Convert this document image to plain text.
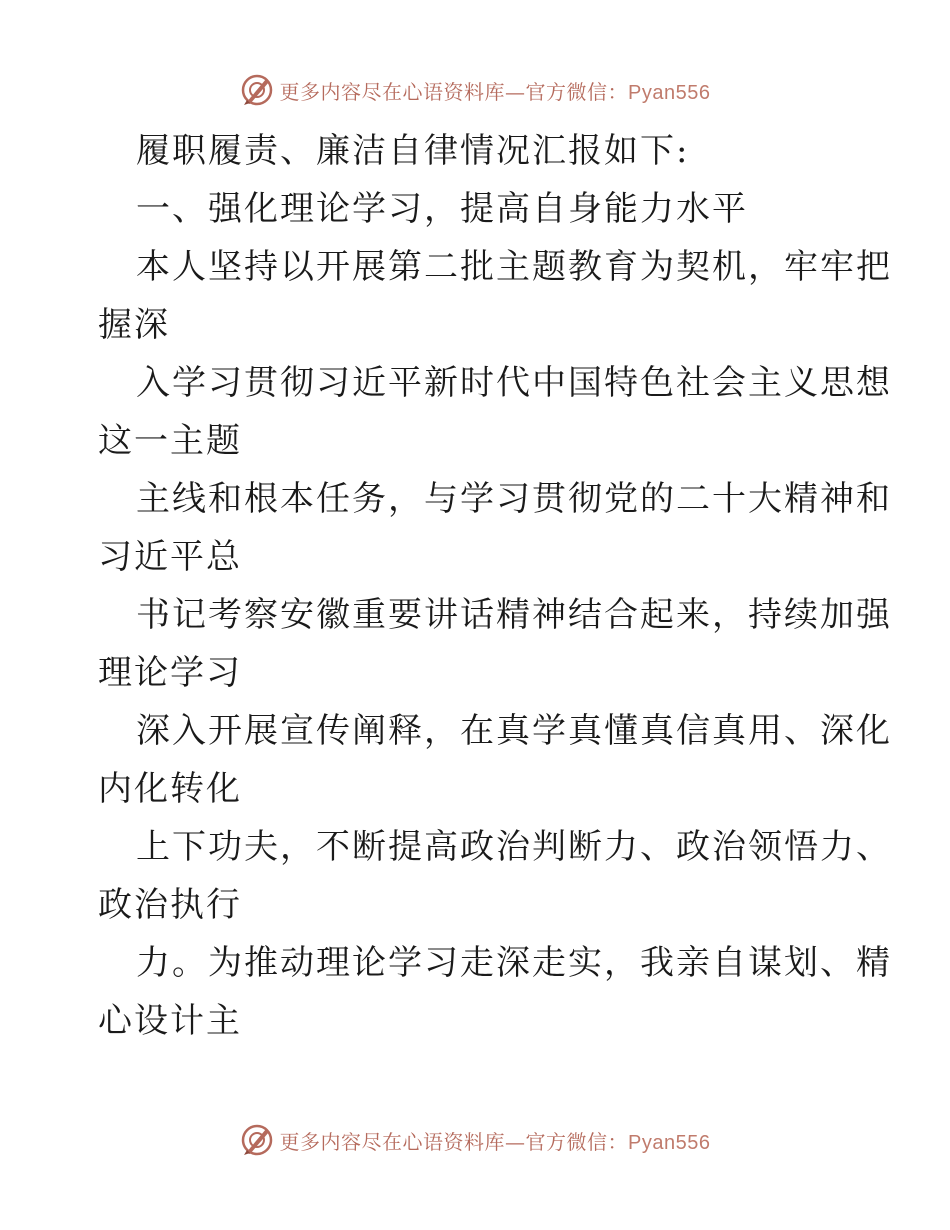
更多内容尽在心语资料库—官方微信：Pyan556
履职履责、廉洁自律情况汇报如下:
一、强化理论学习，提高自身能力水平
本人坚持以开展第二批主题教育为契机，牢牢把
握深
入学习贯彻习近平新时代中国特色社会主义思想
这一主题
主线和根本任务，与学习贯彻党的二十大精神和
习近平总
书记考察安徽重要讲话精神结合起来，持续加强
理论学习
深入开展宣传阐释，在真学真懂真信真用、深化
内化转化
上下功夫，不断提高政治判断力、政治领悟力、
政治执行
力。为推动理论学习走深走实，我亲自谋划、精
心设计主
更多内容尽在心语资料库—官方微信：Pyan556
